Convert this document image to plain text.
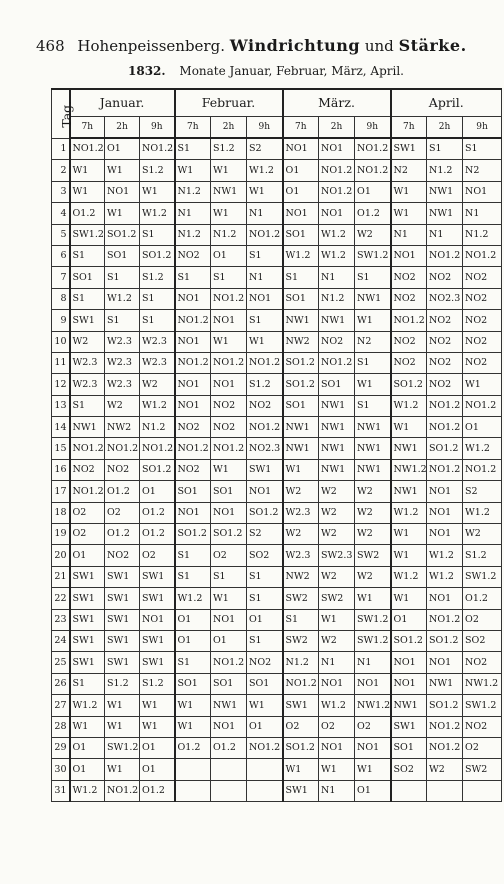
468 Hohenpeissenberg. Windrichtung und Stärke.
1832. Monate Januar, Februar, März, April.
Tag.	Januar.			Februar.			März.			April.		
	7h	2h	9h	7h	2h	9h	7h	2h	9h	7h	2h	9h
1	NO1.2	O1	NO1.2	S1	S1.2	S2	NO1	NO1	NO1.2	SW1	S1	S1
2	W1	W1	S1.2	W1	W1	W1.2	O1	NO1.2	NO1.2	N2	N1.2	N2
3	W1	NO1	W1	N1.2	NW1	W1	O1	NO1.2	O1	W1	NW1	NO1
4	O1.2	W1	W1.2	N1	W1	N1	NO1	NO1	O1.2	W1	NW1	N1
5	SW1.2	SO1.2	S1	N1.2	N1.2	NO1.2	SO1	W1.2	W2	N1	N1	N1.2
6	S1	SO1	SO1.2	NO2	O1	S1	W1.2	W1.2	SW1.2	NO1	NO1.2	NO1.2
7	SO1	S1	S1.2	S1	S1	N1	S1	N1	S1	NO2	NO2	NO2
8	S1	W1.2	S1	NO1	NO1.2	NO1	SO1	N1.2	NW1	NO2	NO2.3	NO2
9	SW1	S1	S1	NO1.2	NO1	S1	NW1	NW1	W1	NO1.2	NO2	NO2
10	W2	W2.3	W2.3	NO1	W1	W1	NW2	NO2	N2	NO2	NO2	NO2
11	W2.3	W2.3	W2.3	NO1.2	NO1.2	NO1.2	SO1.2	NO1.2	S1	NO2	NO2	NO2
12	W2.3	W2.3	W2	NO1	NO1	S1.2	SO1.2	SO1	W1	SO1.2	NO2	W1
13	S1	W2	W1.2	NO1	NO2	NO2	SO1	NW1	S1	W1.2	NO1.2	NO1.2
14	NW1	NW2	N1.2	NO2	NO2	NO1.2	NW1	NW1	NW1	W1	NO1.2	O1
15	NO1.2	NO1.2	NO1.2	NO1.2	NO1.2	NO2.3	NW1	NW1	NW1	NW1	SO1.2	W1.2
16	NO2	NO2	SO1.2	NO2	W1	SW1	W1	NW1	NW1	NW1.2	NO1.2	NO1.2
17	NO1.2	O1.2	O1	SO1	SO1	NO1	W2	W2	W2	NW1	NO1	S2
18	O2	O2	O1.2	NO1	NO1	SO1.2	W2.3	W2	W2	W1.2	NO1	W1.2
19	O2	O1.2	O1.2	SO1.2	SO1.2	S2	W2	W2	W2	W1	NO1	W2
20	O1	NO2	O2	S1	O2	SO2	W2.3	SW2.3	SW2	W1	W1.2	S1.2
21	SW1	SW1	SW1	S1	S1	S1	NW2	W2	W2	W1.2	W1.2	SW1.2
22	SW1	SW1	SW1	W1.2	W1	S1	SW2	SW2	W1	W1	NO1	O1.2
23	SW1	SW1	NO1	O1	NO1	O1	S1	W1	SW1.2	O1	NO1.2	O2
24	SW1	SW1	SW1	O1	O1	S1	SW2	W2	SW1.2	SO1.2	SO1.2	SO2
25	SW1	SW1	SW1	S1	NO1.2	NO2	N1.2	N1	N1	NO1	NO1	NO2
26	S1	S1.2	S1.2	SO1	SO1	SO1	NO1.2	NO1	NO1	NO1	NW1	NW1.2
27	W1.2	W1	W1	W1	NW1	W1	SW1	W1.2	NW1.2	NW1	SO1.2	SW1.2
28	W1	W1	W1	W1	NO1	O1	O2	O2	O2	SW1	NO1.2	NO2
29	O1	SW1.2	O1	O1.2	O1.2	NO1.2	SO1.2	NO1	NO1	SO1	NO1.2	O2
30	O1	W1	O1				W1	W1	W1	SO2	W2	SW2
31	W1.2	NO1.2	O1.2				SW1	N1	O1			
